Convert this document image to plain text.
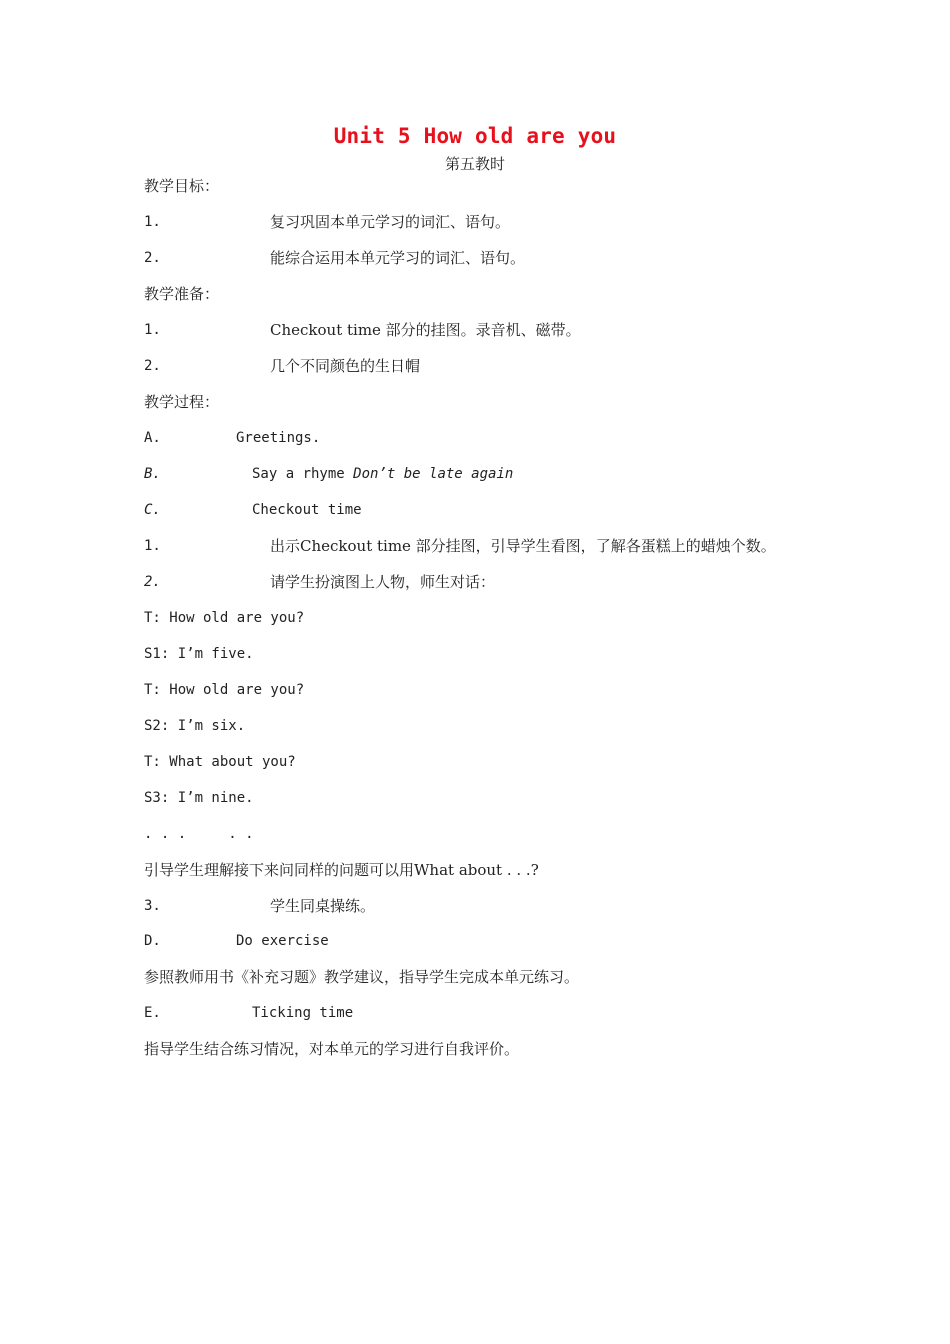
Unit 5 How old are you
第五教时
教学目标：
1.	复习巩固本单元学习的词汇、语句。
2.	能综合运用本单元学习的词汇、语句。
教学准备：
1.	Checkout time 部分的挂图。录音机、磁带。
2.	几个不同颜色的生日帽
教学过程：
A.	Greetings.
B.	Say a rhyme Don’t be late again
C.	Checkout time
1.	出示Checkout time 部分挂图，引导学生看图，了解各蛋糕上的蜡烛个数。
2.	请学生扮演图上人物，师生对话：
T: How old are you?
S1: I’m five.
T: How old are you?
S2: I’m six.
T: What about you?
S3: I’m nine.
. . .     . .
引导学生理解接下来问同样的问题可以用What about . . .?
3.	学生同桌操练。
D.	Do exercise
参照教师用书《补充习题》教学建议，指导学生完成本单元练习。
E.	Ticking time
指导学生结合练习情况，对本单元的学习进行自我评价。
